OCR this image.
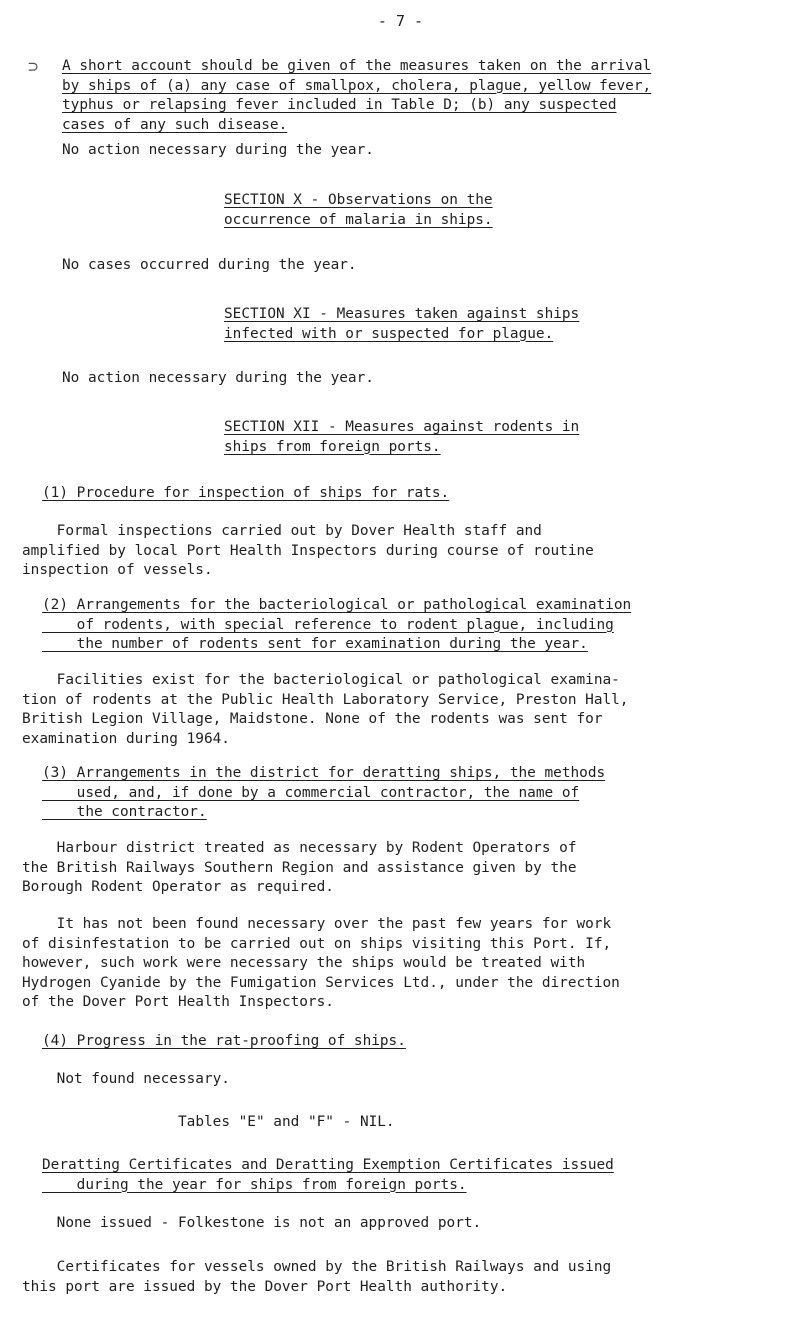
- 7 -
⊃ A short account should be given of the measures taken on the arrival
by ships of (a) any case of smallpox, cholera, plague, yellow fever,
typhus or relapsing fever included in Table D; (b) any suspected
cases of any such disease.
No action necessary during the year.
SECTION X - Observations on the
occurrence of malaria in ships.
No cases occurred during the year.
SECTION XI - Measures taken against ships
infected with or suspected for plague.
No action necessary during the year.
SECTION XII - Measures against rodents in
ships from foreign ports.
(1) Procedure for inspection of ships for rats.
Formal inspections carried out by Dover Health staff and
amplified by local Port Health Inspectors during course of routine
inspection of vessels.
(2) Arrangements for the bacteriological or pathological examination
of rodents, with special reference to rodent plague, including
the number of rodents sent for examination during the year.
Facilities exist for the bacteriological or pathological examina-
tion of rodents at the Public Health Laboratory Service, Preston Hall,
British Legion Village, Maidstone. None of the rodents was sent for
examination during 1964.
(3) Arrangements in the district for deratting ships, the methods
used, and, if done by a commercial contractor, the name of
the contractor.
Harbour district treated as necessary by Rodent Operators of
the British Railways Southern Region and assistance given by the
Borough Rodent Operator as required.
It has not been found necessary over the past few years for work
of disinfestation to be carried out on ships visiting this Port. If,
however, such work were necessary the ships would be treated with
Hydrogen Cyanide by the Fumigation Services Ltd., under the direction
of the Dover Port Health Inspectors.
(4) Progress in the rat-proofing of ships.
Not found necessary.
Tables "E" and "F" - NIL.
Deratting Certificates and Deratting Exemption Certificates issued
during the year for ships from foreign ports.
None issued - Folkestone is not an approved port.
Certificates for vessels owned by the British Railways and using
this port are issued by the Dover Port Health authority.
